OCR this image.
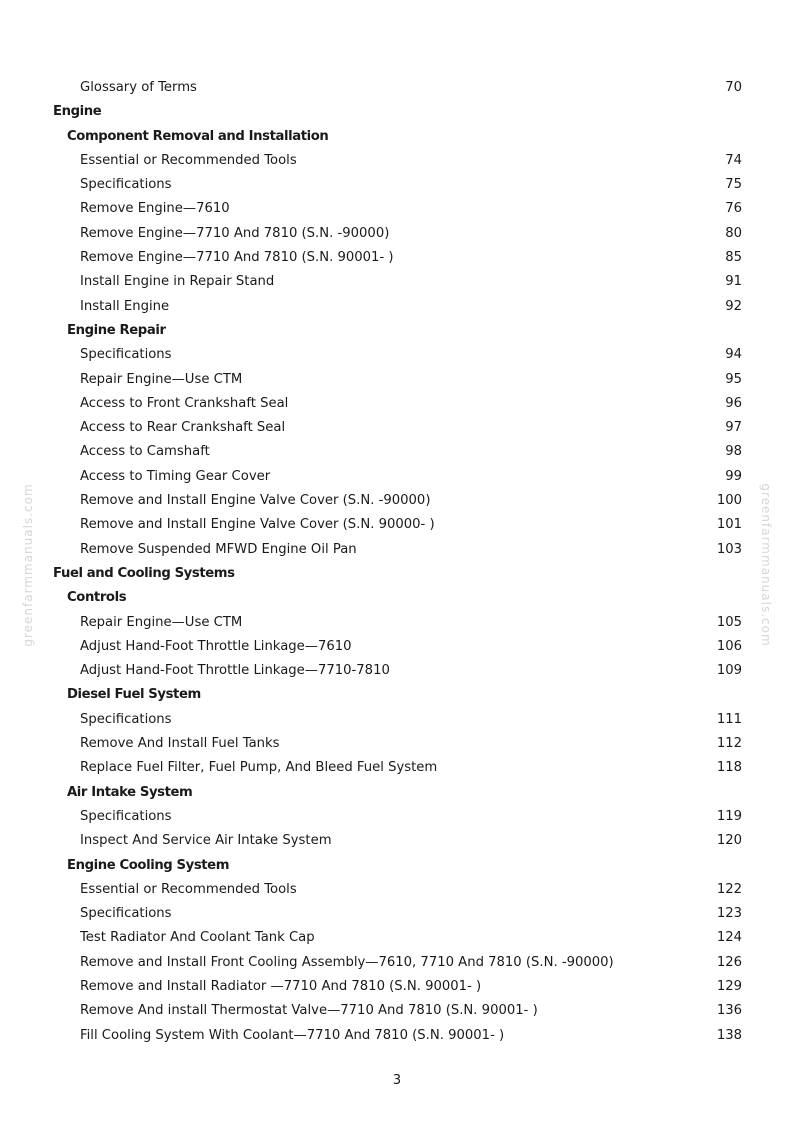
greenfarmmanuals.com	greenfarmmanuals.com
Glossary of Terms	70
Engine
Component Removal and Installation
Essential or Recommended Tools	74
Specifications	75
Remove Engine—7610	76
Remove Engine—7710 And 7810 (S.N. -90000)	80
Remove Engine—7710 And 7810 (S.N. 90001- )	85
Install Engine in Repair Stand	91
Install Engine	92
Engine Repair
Specifications	94
Repair Engine—Use CTM	95
Access to Front Crankshaft Seal	96
Access to Rear Crankshaft Seal	97
Access to Camshaft	98
Access to Timing Gear Cover	99
Remove and Install Engine Valve Cover (S.N. -90000)	100
Remove and Install Engine Valve Cover (S.N. 90000- )	101
Remove Suspended MFWD Engine Oil Pan	103
Fuel and Cooling Systems
Controls
Repair Engine—Use CTM	105
Adjust Hand-Foot Throttle Linkage—7610	106
Adjust Hand-Foot Throttle Linkage—7710-7810	109
Diesel Fuel System
Specifications	111
Remove And Install Fuel Tanks	112
Replace Fuel Filter, Fuel Pump, And Bleed Fuel System	118
Air Intake System
Specifications	119
Inspect And Service Air Intake System	120
Engine Cooling System
Essential or Recommended Tools	122
Specifications	123
Test Radiator And Coolant Tank Cap	124
Remove and Install Front Cooling Assembly—7610, 7710 And 7810 (S.N. -90000)	126
Remove and Install Radiator —7710 And 7810 (S.N. 90001- )	129
Remove And install Thermostat Valve—7710 And 7810 (S.N. 90001- )	136
Fill Cooling System With Coolant—7710 And 7810 (S.N. 90001- )	138
3
